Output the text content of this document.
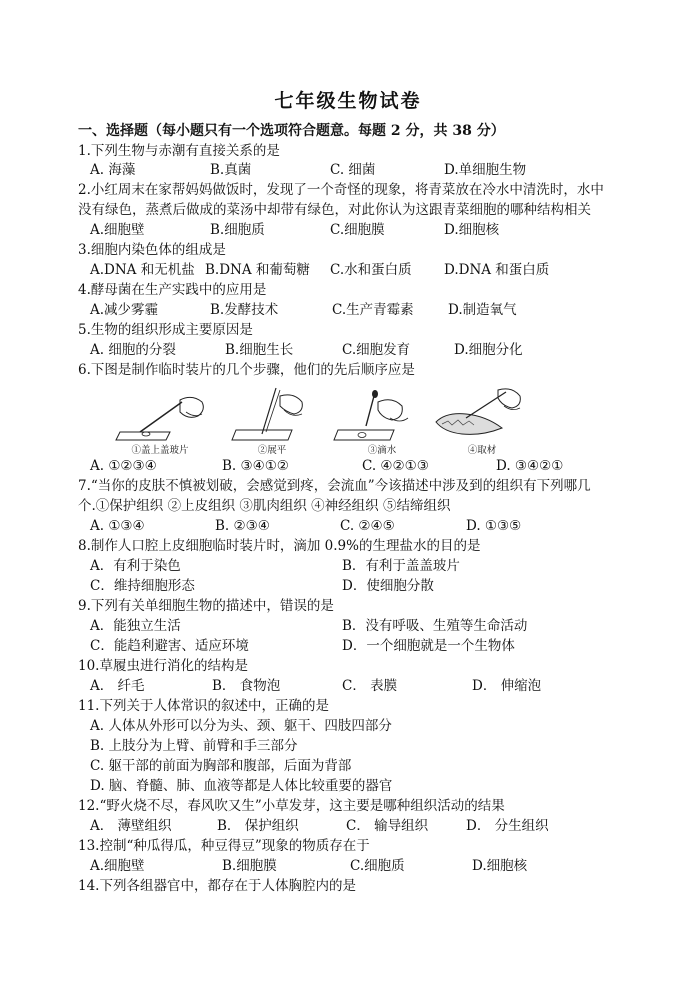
七年级生物试卷
一、选择题（每小题只有一个选项符合题意。每题 2 分，共 38 分）
1.下列生物与赤潮有直接关系的是
A. 海藻	B.真菌	C. 细菌	D.单细胞生物
2.小红周末在家帮妈妈做饭时，发现了一个奇怪的现象，将青菜放在冷水中清洗时，水中
没有绿色，蒸煮后做成的菜汤中却带有绿色，对此你认为这跟青菜细胞的哪种结构相关
A.细胞壁	B.细胞质	C.细胞膜	D.细胞核
3.细胞内染色体的组成是
A.DNA 和无机盐 B.DNA 和葡萄糖 C.水和蛋白质 D.DNA 和蛋白质
4.酵母菌在生产实践中的应用是
A.减少雾霾	B.发酵技术	C.生产青霉素	D.制造氧气
5.生物的组织形成主要原因是
A. 细胞的分裂	B.细胞生长	C.细胞发育	D.细胞分化
6.下图是制作临时装片的几个步骤，他们的先后顺序应是
①盖上盖玻片	②展平	③滴水	④取材
A. ①②③④	B. ③④①②	C. ④②①③	D. ③④②①
7.“当你的皮肤不慎被划破，会感觉到疼，会流血”今该描述中涉及到的组织有下列哪几
个.①保护组织 ②上皮组织 ③肌肉组织 ④神经组织 ⑤结缔组织
A. ①③④	B. ②③④	C. ②④⑤	D. ①③⑤
8.制作人口腔上皮细胞临时装片时，滴加 0.9%的生理盐水的目的是
A．有利于染色	B．有利于盖盖玻片
C．维持细胞形态	D．使细胞分散
9.下列有关单细胞生物的描述中，错误的是
A．能独立生活	B．没有呼吸、生殖等生命活动
C．能趋利避害、适应环境	D．一个细胞就是一个生物体
10.草履虫进行消化的结构是
A． 纤毛	B． 食物泡	C． 表膜	D． 伸缩泡
11.下列关于人体常识的叙述中，正确的是
A. 人体从外形可以分为头、颈、躯干、四肢四部分
B. 上肢分为上臂、前臂和手三部分
C. 躯干部的前面为胸部和腹部，后面为背部
D. 脑、脊髓、肺、血液等都是人体比较重要的器官
12.“野火烧不尽，春风吹又生”小草发芽，这主要是哪种组织活动的结果
A． 薄壁组织	B． 保护组织	C． 输导组织	D． 分生组织
13.控制“种瓜得瓜，种豆得豆”现象的物质存在于
A.细胞壁	B.细胞膜	C.细胞质	D.细胞核
14.下列各组器官中，都存在于人体胸腔内的是
